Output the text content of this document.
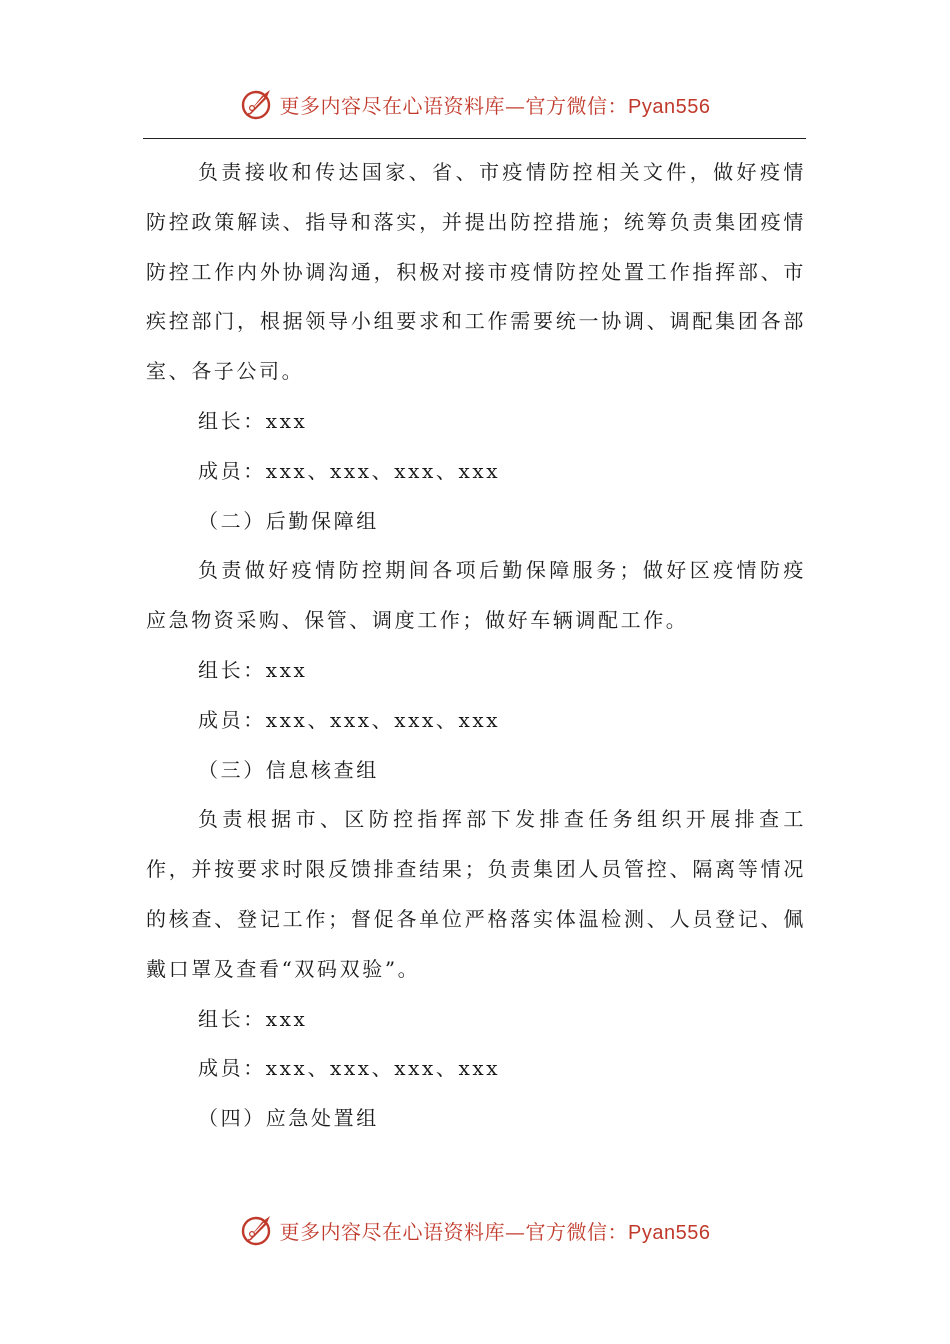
更多内容尽在心语资料库—官方微信：Pyan556

负责接收和传达国家、省、市疫情防控相关文件，做好疫情防控政策解读、指导和落实，并提出防控措施；统筹负责集团疫情防控工作内外协调沟通，积极对接市疫情防控处置工作指挥部、市疾控部门，根据领导小组要求和工作需要统一协调、调配集团各部室、各子公司。

组长：xxx

成员：xxx、xxx、xxx、xxx

（二）后勤保障组

负责做好疫情防控期间各项后勤保障服务；做好区疫情防疫应急物资采购、保管、调度工作；做好车辆调配工作。

组长：xxx

成员：xxx、xxx、xxx、xxx

（三）信息核查组

负责根据市、区防控指挥部下发排查任务组织开展排查工作，并按要求时限反馈排查结果；负责集团人员管控、隔离等情况的核查、登记工作；督促各单位严格落实体温检测、人员登记、佩戴口罩及查看“双码双验”。

组长：xxx

成员：xxx、xxx、xxx、xxx

（四）应急处置组

更多内容尽在心语资料库—官方微信：Pyan556
